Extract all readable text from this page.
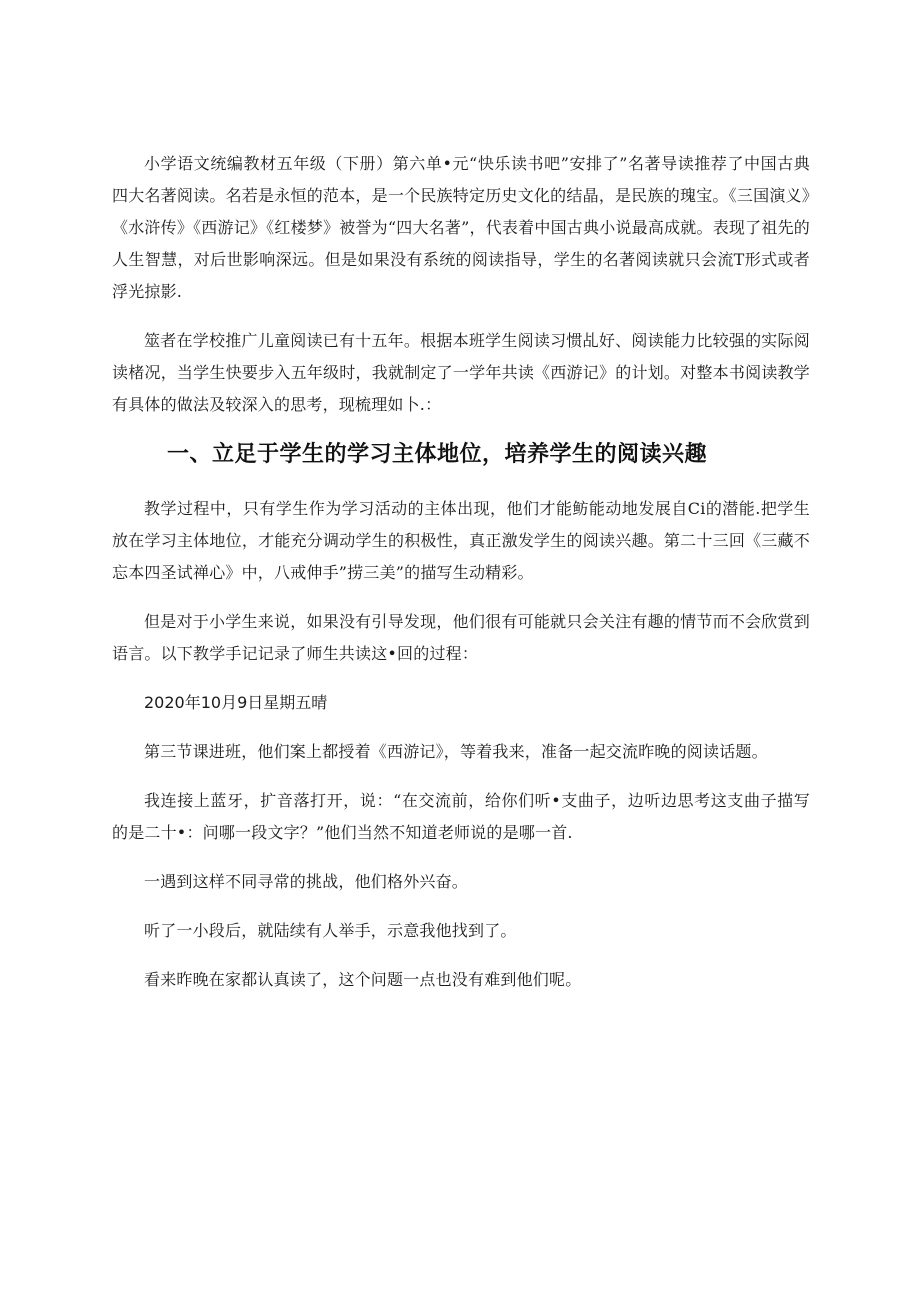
小学语文统编教材五年级（下册）第六单•元“快乐读书吧”安排了”名著导读推荐了中国古典四大名著阅读。名若是永恒的范本，是一个民族特定历史文化的结晶，是民族的瑰宝。《三国演义》《水浒传》《西游记》《红楼梦》被誉为“四大名著”，代表着中国古典小说最高成就。表现了祖先的人生智慧，对后世影响深远。但是如果没有系统的阅读指导，学生的名著阅读就只会流T形式或者浮光掠影.

筮者在学校推广儿童阅读已有十五年。根据本班学生阅读习惯乩好、阅读能力比较强的实际阅读楮况，当学生快要步入五年级时，我就制定了一学年共读《西游记》的计划。对整本书阅读教学有具体的做法及较深入的思考，现梳理如卜.：

一、立足于学生的学习主体地位，培养学生的阅读兴趣

教学过程中，只有学生作为学习活动的主体出现，他们才能鲂能动地发展自Ci的潜能.把学生放在学习主体地位，才能充分调动学生的积极性，真正激发学生的阅读兴趣。第二十三回《三藏不忘本四圣试禅心》中，八戒伸手”捞三美”的描写生动精彩。

但是对于小学生来说，如果没有引导发现，他们很有可能就只会关注有趣的情节而不会欣赏到语言。以下教学手记记录了师生共读这•回的过程：

2020年10月9日星期五晴

第三节课进班，他们案上都授着《西游记》，等着我来，准备一起交流昨晚的阅读话题。

我连接上蓝牙，扩音落打开，说：“在交流前，给你们听•支曲子，边听边思考这支曲子描写的是二十•：问哪一段文字？”他们当然不知道老师说的是哪一首.

一遇到这样不同寻常的挑战，他们格外兴奋。

听了一小段后，就陆续有人举手，示意我他找到了。

看来昨晚在家都认真读了，这个问题一点也没有难到他们呢。
